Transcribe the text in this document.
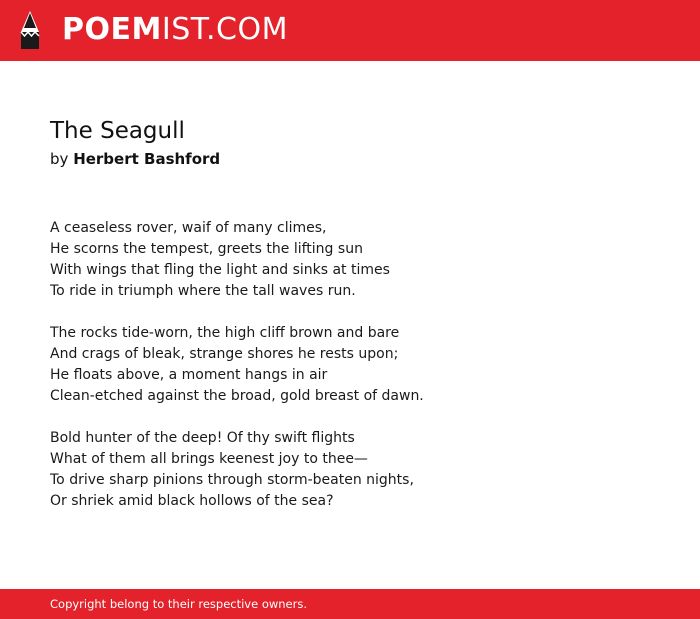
POEMIST.COM
The Seagull
by Herbert Bashford
A ceaseless rover, waif of many climes,
He scorns the tempest, greets the lifting sun
With wings that fling the light and sinks at times
To ride in triumph where the tall waves run.
The rocks tide-worn, the high cliff brown and bare
And crags of bleak, strange shores he rests upon;
He floats above, a moment hangs in air
Clean-etched against the broad, gold breast of dawn.
Bold hunter of the deep! Of thy swift flights
What of them all brings keenest joy to thee—
To drive sharp pinions through storm-beaten nights,
Or shriek amid black hollows of the sea?
Copyright belong to their respective owners.
